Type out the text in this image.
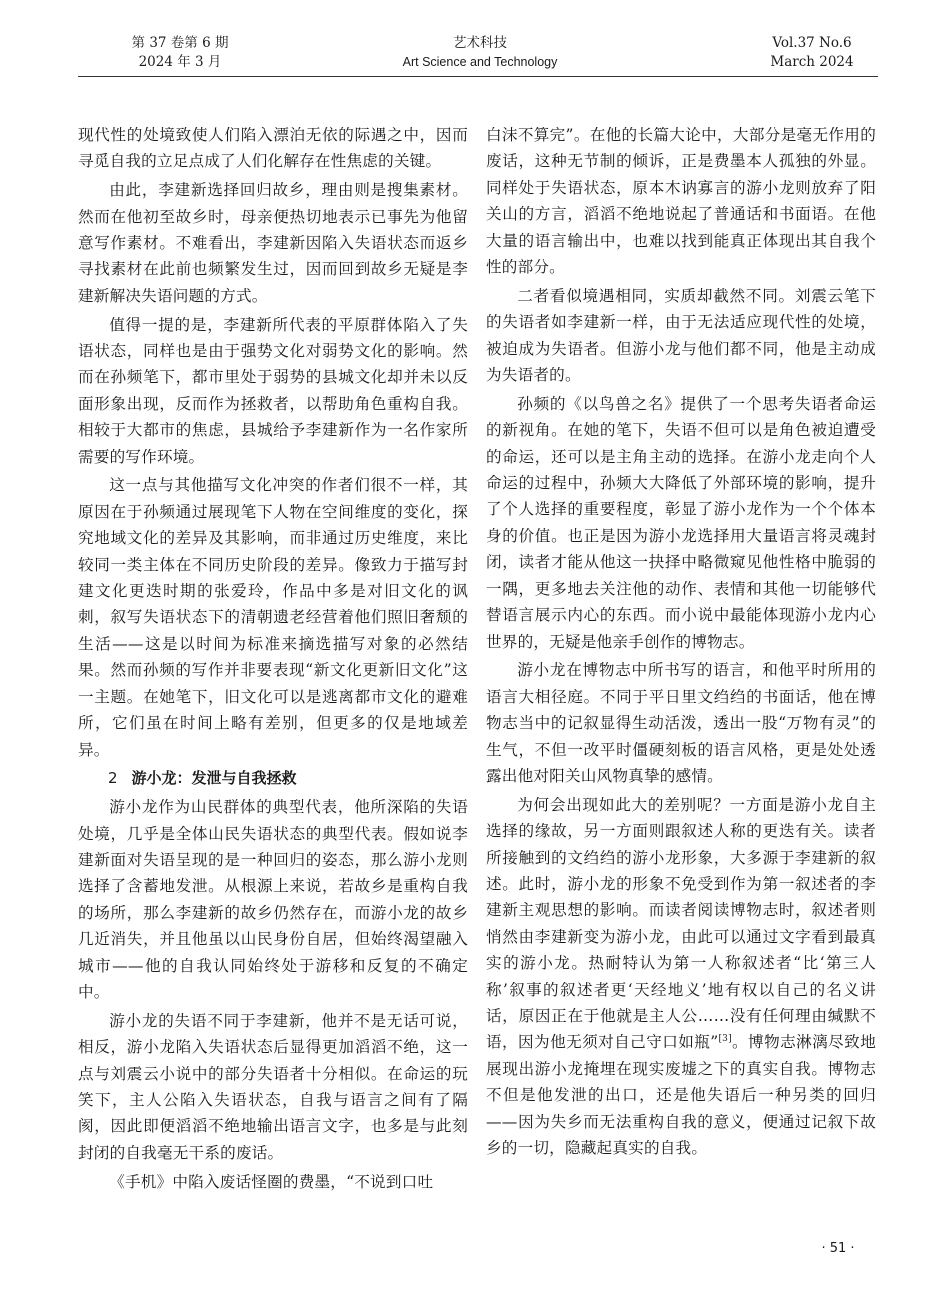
第 37 卷第 6 期
2024 年 3 月
艺术科技
Art Science and Technology
Vol.37 No.6
March 2024

现代性的处境致使人们陷入漂泊无依的际遇之中，因而寻觅自我的立足点成了人们化解存在性焦虑的关键。

由此，李建新选择回归故乡，理由则是搜集素材。然而在他初至故乡时，母亲便热切地表示已事先为他留意写作素材。不难看出，李建新因陷入失语状态而返乡寻找素材在此前也频繁发生过，因而回到故乡无疑是李建新解决失语问题的方式。

值得一提的是，李建新所代表的平原群体陷入了失语状态，同样也是由于强势文化对弱势文化的影响。然而在孙频笔下，都市里处于弱势的县城文化却并未以反面形象出现，反而作为拯救者，以帮助角色重构自我。相较于大都市的焦虑，县城给予李建新作为一名作家所需要的写作环境。

这一点与其他描写文化冲突的作者们很不一样，其原因在于孙频通过展现笔下人物在空间维度的变化，探究地域文化的差异及其影响，而非通过历史维度，来比较同一类主体在不同历史阶段的差异。像致力于描写封建文化更迭时期的张爱玲，作品中多是对旧文化的讽刺，叙写失语状态下的清朝遗老经营着他们照旧奢颓的生活——这是以时间为标准来摘选描写对象的必然结果。然而孙频的写作并非要表现“新文化更新旧文化”这一主题。在她笔下，旧文化可以是逃离都市文化的避难所，它们虽在时间上略有差别，但更多的仅是地域差异。

2 游小龙：发泄与自我拯救

游小龙作为山民群体的典型代表，他所深陷的失语处境，几乎是全体山民失语状态的典型代表。假如说李建新面对失语呈现的是一种回归的姿态，那么游小龙则选择了含蓄地发泄。从根源上来说，若故乡是重构自我的场所，那么李建新的故乡仍然存在，而游小龙的故乡几近消失，并且他虽以山民身份自居，但始终渴望融入城市——他的自我认同始终处于游移和反复的不确定中。

游小龙的失语不同于李建新，他并不是无话可说，相反，游小龙陷入失语状态后显得更加滔滔不绝，这一点与刘震云小说中的部分失语者十分相似。在命运的玩笑下，主人公陷入失语状态，自我与语言之间有了隔阂，因此即便滔滔不绝地输出语言文字，也多是与此刻封闭的自我毫无干系的废话。

《手机》中陷入废话怪圈的费墨，“不说到口吐

白沫不算完”。在他的长篇大论中，大部分是毫无作用的废话，这种无节制的倾诉，正是费墨本人孤独的外显。同样处于失语状态，原本木讷寡言的游小龙则放弃了阳关山的方言，滔滔不绝地说起了普通话和书面语。在他大量的语言输出中，也难以找到能真正体现出其自我个性的部分。

二者看似境遇相同，实质却截然不同。刘震云笔下的失语者如李建新一样，由于无法适应现代性的处境，被迫成为失语者。但游小龙与他们都不同，他是主动成为失语者的。

孙频的《以鸟兽之名》提供了一个思考失语者命运的新视角。在她的笔下，失语不但可以是角色被迫遭受的命运，还可以是主角主动的选择。在游小龙走向个人命运的过程中，孙频大大降低了外部环境的影响，提升了个人选择的重要程度，彰显了游小龙作为一个个体本身的价值。也正是因为游小龙选择用大量语言将灵魂封闭，读者才能从他这一抉择中略微窥见他性格中脆弱的一隅，更多地去关注他的动作、表情和其他一切能够代替语言展示内心的东西。而小说中最能体现游小龙内心世界的，无疑是他亲手创作的博物志。

游小龙在博物志中所书写的语言，和他平时所用的语言大相径庭。不同于平日里文绉绉的书面话，他在博物志当中的记叙显得生动活泼，透出一股“万物有灵”的生气，不但一改平时僵硬刻板的语言风格，更是处处透露出他对阳关山风物真挚的感情。

为何会出现如此大的差别呢？一方面是游小龙自主选择的缘故，另一方面则跟叙述人称的更迭有关。读者所接触到的文绉绉的游小龙形象，大多源于李建新的叙述。此时，游小龙的形象不免受到作为第一叙述者的李建新主观思想的影响。而读者阅读博物志时，叙述者则悄然由李建新变为游小龙，由此可以通过文字看到最真实的游小龙。热耐特认为第一人称叙述者“比‘第三人称’叙事的叙述者更‘天经地义’地有权以自己的名义讲话，原因正在于他就是主人公……没有任何理由缄默不语，因为他无须对自己守口如瓶”[3]。博物志淋漓尽致地展现出游小龙掩埋在现实废墟之下的真实自我。博物志不但是他发泄的出口，还是他失语后一种另类的回归——因为失乡而无法重构自我的意义，便通过记叙下故乡的一切，隐藏起真实的自我。

· 51 ·
